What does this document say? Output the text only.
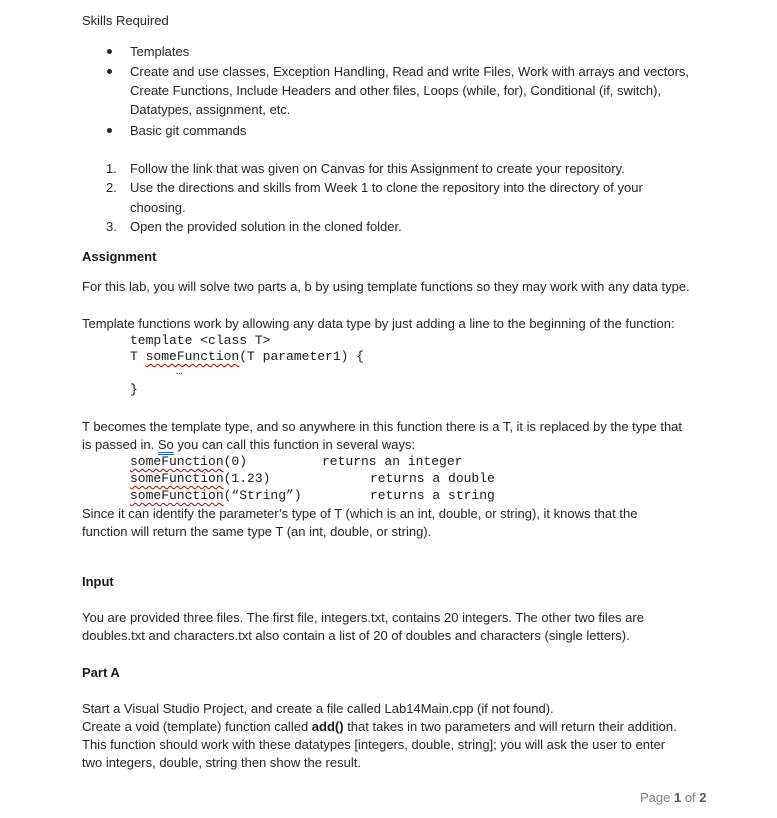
Skills Required
Templates
Create and use classes, Exception Handling, Read and write Files, Work with arrays and vectors,
Create Functions, Include Headers and other files, Loops (while, for), Conditional (if, switch),
Datatypes, assignment, etc.
Basic git commands
1. Follow the link that was given on Canvas for this Assignment to create your repository.
2. Use the directions and skills from Week 1 to clone the repository into the directory of your
choosing.
3. Open the provided solution in the cloned folder.
Assignment
For this lab, you will solve two parts a, b by using template functions so they may work with any data type.
Template functions work by allowing any data type by just adding a line to the beginning of the function:
template <class T>
T someFunction(T parameter1) {
…
}
T becomes the template type, and so anywhere in this function there is a T, it is replaced by the type that
is passed in. So you can call this function in several ways:
someFunction(0)	returns an integer
someFunction(1.23)	returns a double
someFunction(“String”)	returns a string
Since it can identify the parameter’s type of T (which is an int, double, or string), it knows that the
function will return the same type T (an int, double, or string).
Input
You are provided three files. The first file, integers.txt, contains 20 integers. The other two files are
doubles.txt and characters.txt also contain a list of 20 of doubles and characters (single letters).
Part A
Start a Visual Studio Project, and create a file called Lab14Main.cpp (if not found).
Create a void (template) function called add() that takes in two parameters and will return their addition.
This function should work with these datatypes [integers, double, string]; you will ask the user to enter
two integers, double, string then show the result.
Page 1 of 2
